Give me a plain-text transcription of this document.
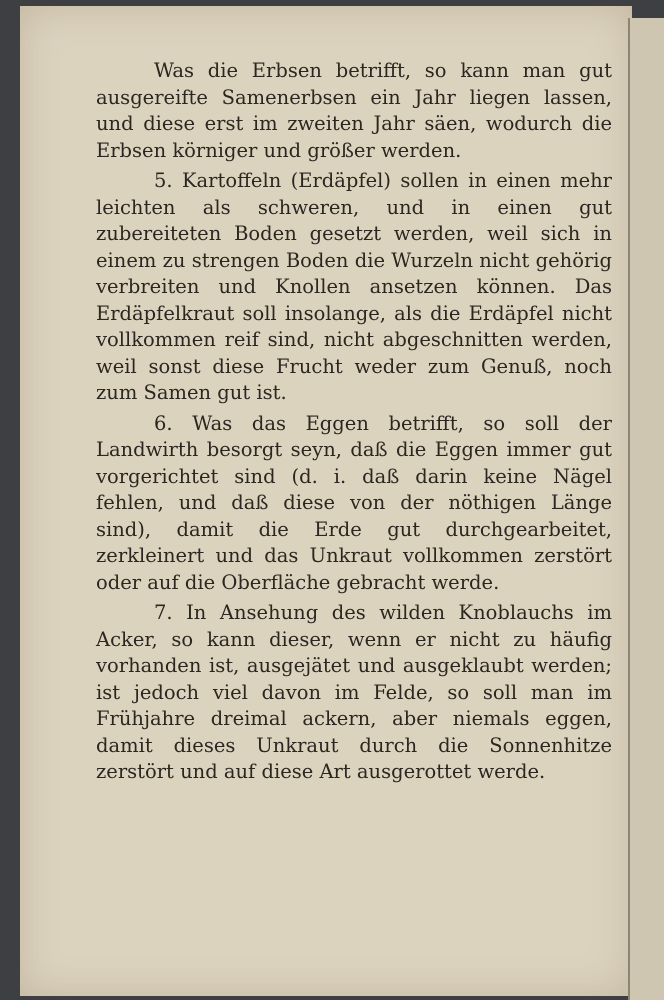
Was die Erbsen betrifft, so kann man gut ausgereifte Samenerbsen ein Jahr liegen lassen, und diese erst im zweiten Jahr säen, wodurch die Erbsen körniger und größer werden.

5. Kartoffeln (Erdäpfel) sollen in einen mehr leichten als schweren, und in einen gut zubereiteten Boden gesetzt werden, weil sich in einem zu strengen Boden die Wurzeln nicht gehörig verbreiten und Knollen ansetzen können. Das Erdäpfelkraut soll insolange, als die Erdäpfel nicht vollkommen reif sind, nicht abgeschnitten werden, weil sonst diese Frucht weder zum Genuß, noch zum Samen gut ist.

6. Was das Eggen betrifft, so soll der Landwirth besorgt seyn, daß die Eggen immer gut vorgerichtet sind (d. i. daß darin keine Nägel fehlen, und daß diese von der nöthigen Länge sind), damit die Erde gut durchgearbeitet, zerkleinert und das Unkraut vollkommen zerstört oder auf die Oberfläche gebracht werde.

7. In Ansehung des wilden Knoblauchs im Acker, so kann dieser, wenn er nicht zu häufig vorhanden ist, ausgejätet und ausgeklaubt werden; ist jedoch viel davon im Felde, so soll man im Frühjahre dreimal ackern, aber niemals eggen, damit dieses Unkraut durch die Sonnenhitze zerstört und auf diese Art ausgerottet werde.
